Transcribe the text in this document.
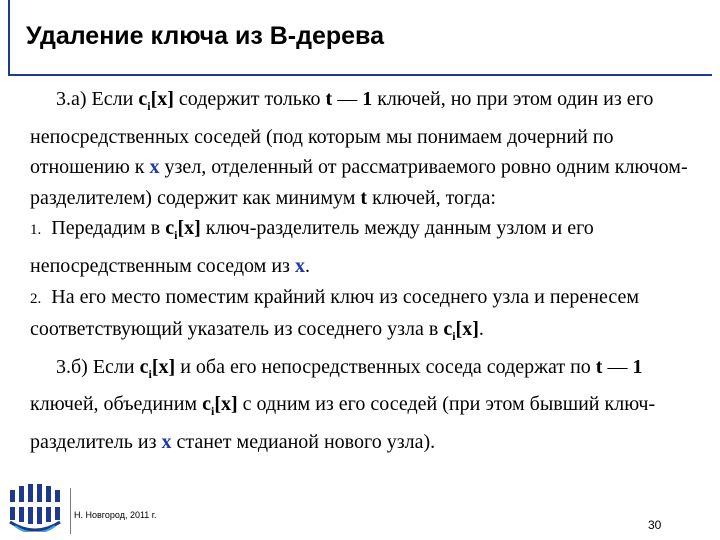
Удаление ключа из B-дерева

3.а) Если $c_i[x]$ содержит только t — 1 ключей, но при этом один из его непосредственных соседей (под которым мы понимаем дочерний по отношению к x узел, отделенный от рассматриваемого ровно одним ключом-разделителем) содержит как минимум t ключей, тогда:

1. Передадим в $c_i[x]$ ключ-разделитель между данным узлом и его непосредственным соседом из x.

2. На его место поместим крайний ключ из соседнего узла и перенесем соответствующий указатель из соседнего узла в $c_i[x]$.

3.б) Если $c_i[x]$ и оба его непосредственных соседа содержат по t — 1 ключей, объединим $c_i[x]$ с одним из его соседей (при этом бывший ключ-разделитель из x станет медианой нового узла).

Н. Новгород, 2011 г.
30
